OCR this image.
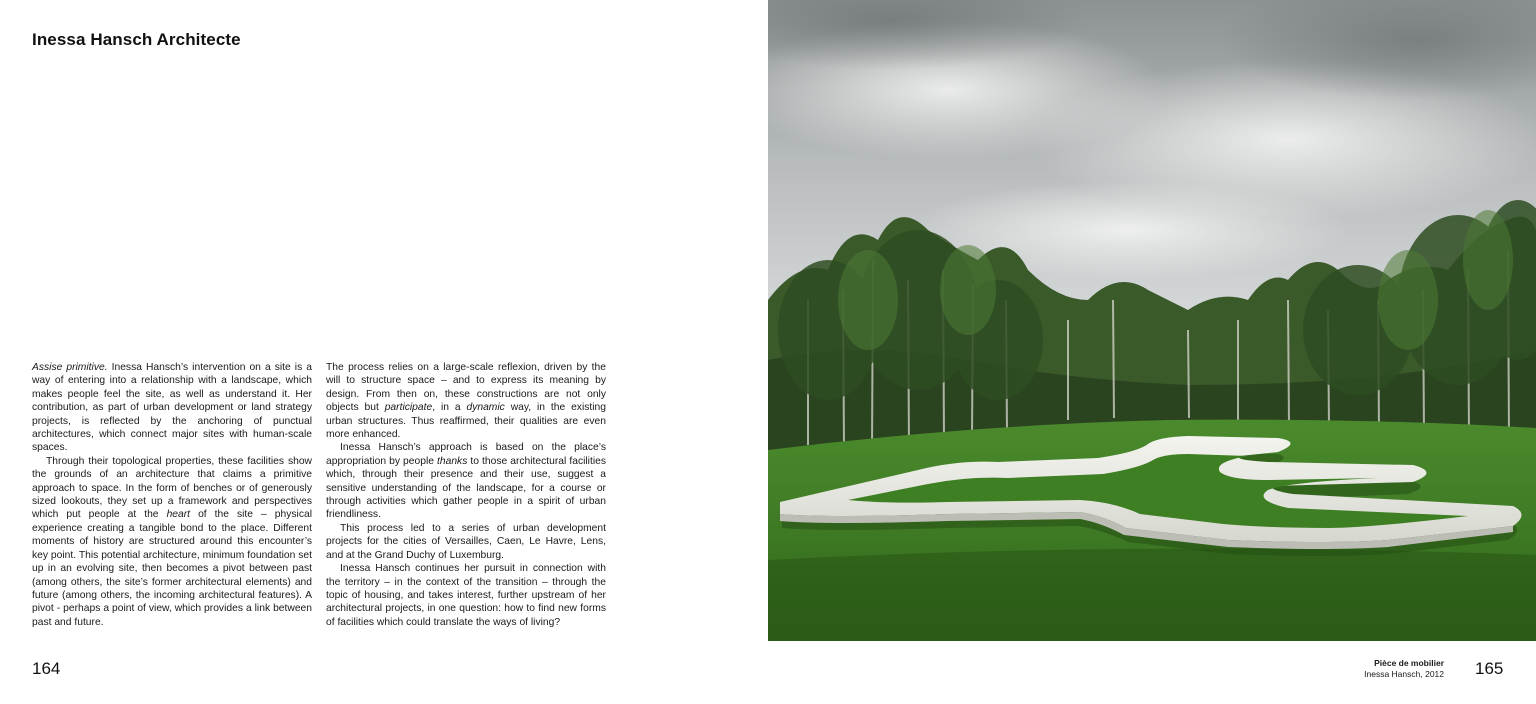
Inessa Hansch Architecte

Assise primitive. Inessa Hansch’s intervention on a site is a way of entering into a relationship with a landscape, which makes people feel the site, as well as understand it. Her contribution, as part of urban development or land strategy projects, is reflected by the anchoring of punctual architectures, which connect major sites with human-scale spaces.

Through their topological properties, these facilities show the grounds of an architecture that claims a primitive approach to space. In the form of benches or of generously sized lookouts, they set up a framework and perspectives which put people at the heart of the site – physical experience creating a tangible bond to the place. Different moments of history are structured around this encounter’s key point. This potential architecture, minimum foundation set up in an evolving site, then becomes a pivot between past (among others, the site’s former architectural elements) and future (among others, the incoming architectural features). A pivot - perhaps a point of view, which provides a link between past and future.

The process relies on a large-scale reflexion, driven by the will to structure space – and to express its meaning by design. From then on, these constructions are not only objects but participate, in a dynamic way, in the existing urban structures. Thus reaffirmed, their qualities are even more enhanced.

Inessa Hansch’s approach is based on the place’s appropriation by people thanks to those architectural facilities which, through their presence and their use, suggest a sensitive understanding of the landscape, for a course or through activities which gather people in a spirit of urban friendliness.

This process led to a series of urban development projects for the cities of Versailles, Caen, Le Havre, Lens, and at the Grand Duchy of Luxemburg.

Inessa Hansch continues her pursuit in connection with the territory – in the context of the transition – through the topic of housing, and takes interest, further upstream of her architectural projects, in one question: how to find new forms of facilities which could translate the ways of living?

164	Pièce de mobilier
Inessa Hansch, 2012 165
